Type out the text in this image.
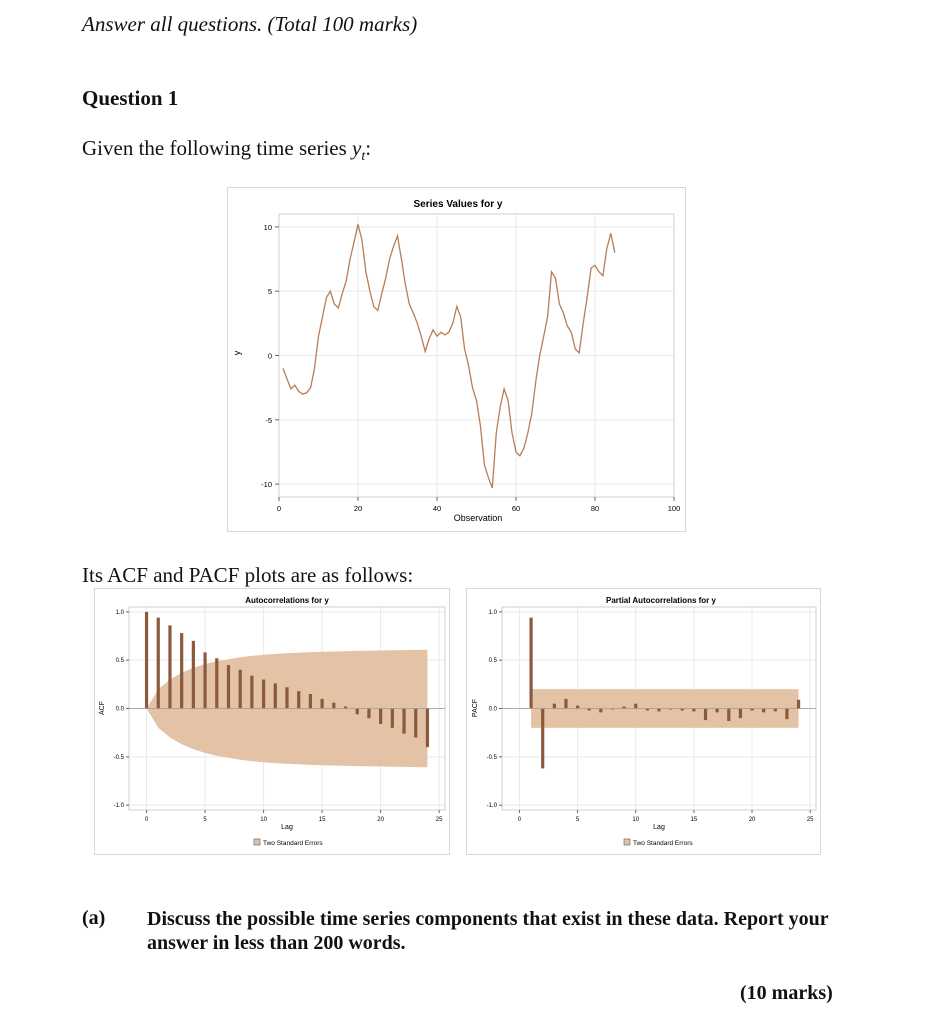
Answer all questions. (Total 100 marks)
Question 1
Given the following time series $y_t$:
Series Values for y
0	20	40	60	80	100
10
5
0
-5
-10
Observation
y
Its ACF and PACF plots are as follows:
Autocorrelations for y
0	5	10	15	20	25
1.0
0.5
0.0
-0.5
-1.0
Lag
ACF
Two Standard Errors
Partial Autocorrelations for y
0	5	10	15	20	25
1.0
0.5
0.0
-0.5
-1.0
Lag
PACF
Two Standard Errors
(a) Discuss the possible time series components that exist in these data. Report your answer in less than 200 words.
(10 marks)
